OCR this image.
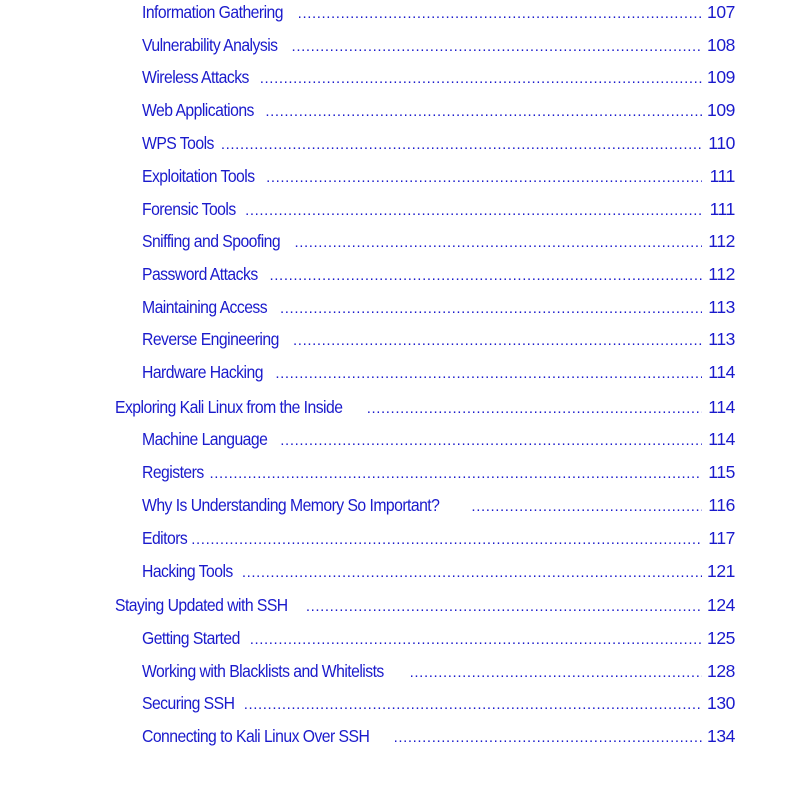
Information Gathering .....	107
Vulnerability Analysis .....	108
Wireless Attacks .....	109
Web Applications .....	109
WPS Tools .....	110
Exploitation Tools .....	111
Forensic Tools .....	111
Sniffing and Spoofing .....	112
Password Attacks .....	112
Maintaining Access .....	113
Reverse Engineering .....	113
Hardware Hacking .....	114
Exploring Kali Linux from the Inside .....	114
Machine Language .....	114
Registers .....	115
Why Is Understanding Memory So Important? .....	116
Editors .....	117
Hacking Tools .....	121
Staying Updated with SSH .....	124
Getting Started .....	125
Working with Blacklists and Whitelists .....	128
Securing SSH .....	130
Connecting to Kali Linux Over SSH .....	134
